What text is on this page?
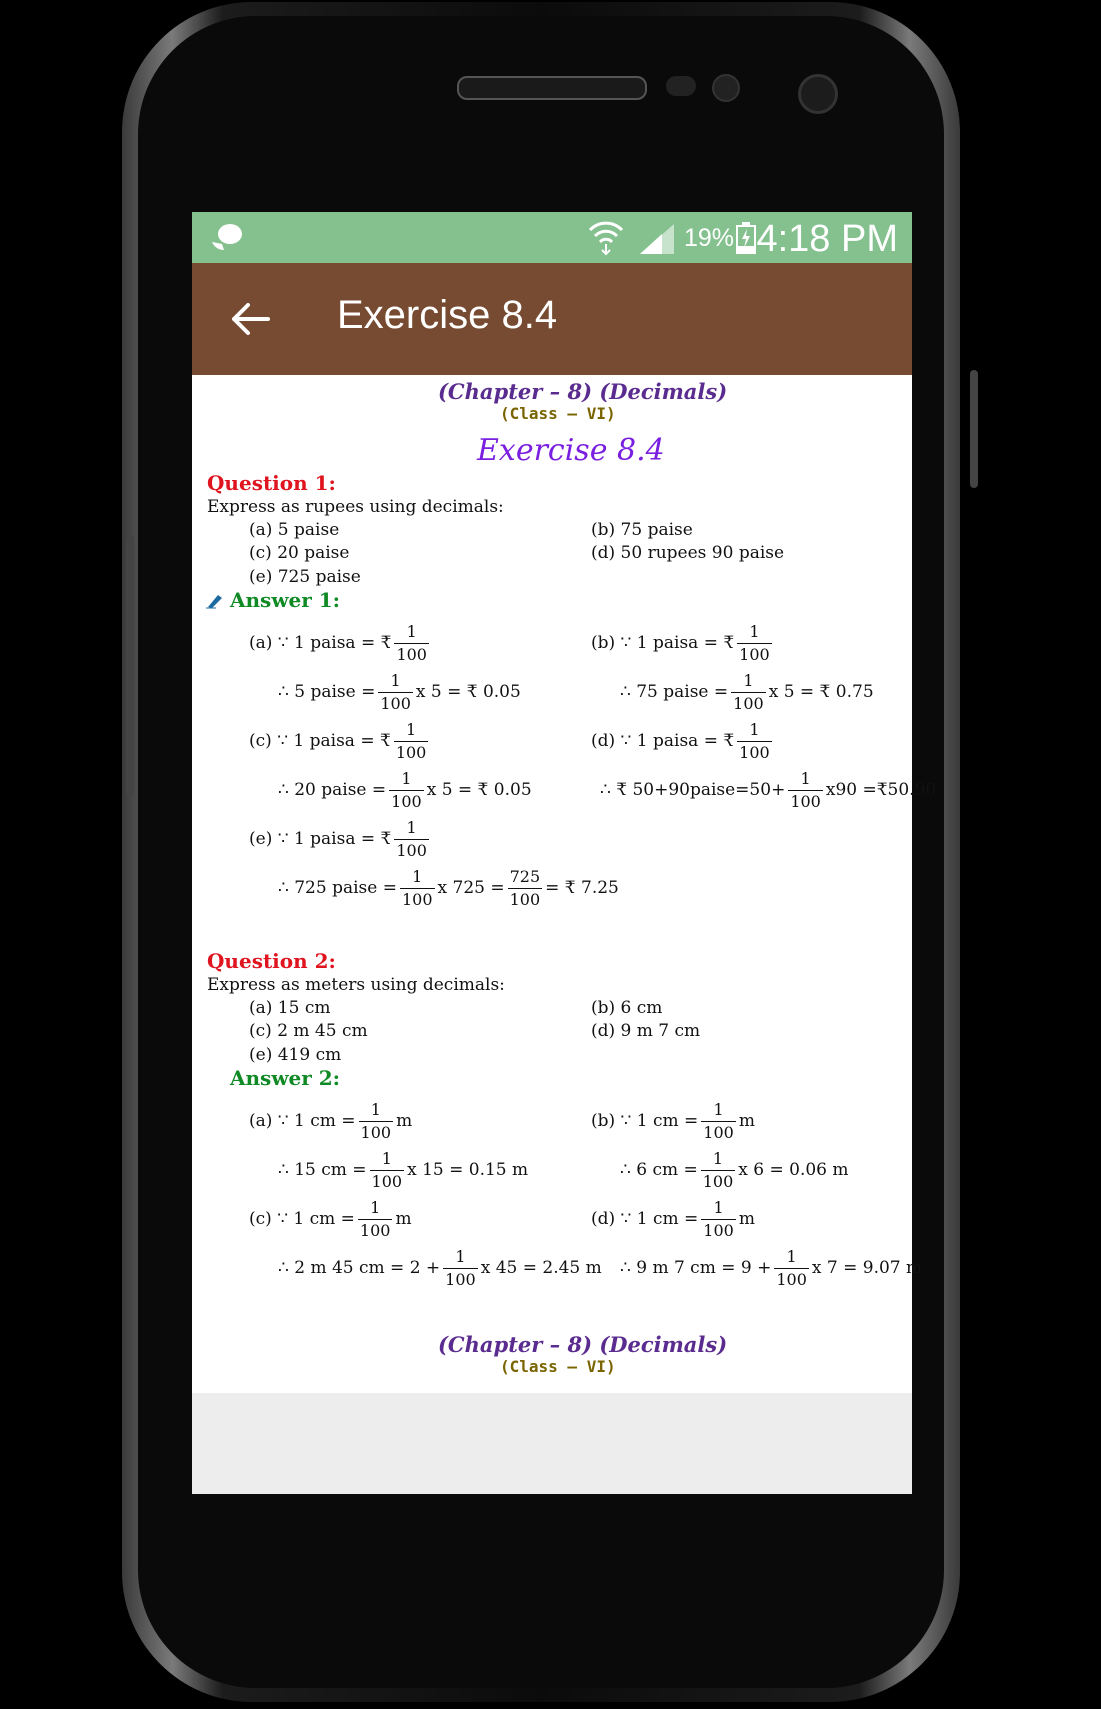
19% 4:18 PM
Exercise 8.4
(Chapter – 8) (Decimals)
(Class – VI)
Exercise 8.4
Question 1:
Express as rupees using decimals:
(a) 5 paise	(b) 75 paise
(c) 20 paise	(d) 50 rupees 90 paise
(e) 725 paise
Answer 1:
(a) ∵ 1 paisa = ₹ $\frac{1}{100}$	(b) ∵ 1 paisa = ₹ $\frac{1}{100}$
∴ 5 paise = $\frac{1}{100}$ x 5 = ₹ 0.05	∴ 75 paise = $\frac{1}{100}$ x 5 = ₹ 0.75
(c) ∵ 1 paisa = ₹ $\frac{1}{100}$	(d) ∵ 1 paisa = ₹ $\frac{1}{100}$
∴ 20 paise = $\frac{1}{100}$ x 5 = ₹ 0.05	∴ ₹ 50+90paise=50+ $\frac{1}{100} x90$ =₹50.90
(e) ∵ 1 paisa = ₹ $\frac{1}{100}$
∴ 725 paise = $\frac{1}{100}$ x $725 = \frac{725}{100}$ = ₹ 7.25
Question 2:
Express as meters using decimals:
(a) 15 cm	(b) 6 cm
(c) 2 m 45 cm	(d) 9 m 7 cm
(e) 419 cm
Answer 2:
(a) ∵ 1 cm = $\frac{1}{100}$ m	(b) ∵ 1 cm = $\frac{1}{100}$ m
∴ 15 cm = $\frac{1}{100}$ x 15 = 0.15 m	∴ 6 cm = $\frac{1}{100}$ x 6 = 0.06 m
(c) ∵ 1 cm = $\frac{1}{100}$ m	(d) ∵ 1 cm = $\frac{1}{100}$ m
∴ 2 m 45 cm = $2 + \frac{1}{100}$ x 45 = 2.45 m ∴ 9 m 7 cm = $9 + \frac{1}{100}$ x 7 = 9.07 m
(Chapter – 8) (Decimals)
(Class – VI)
